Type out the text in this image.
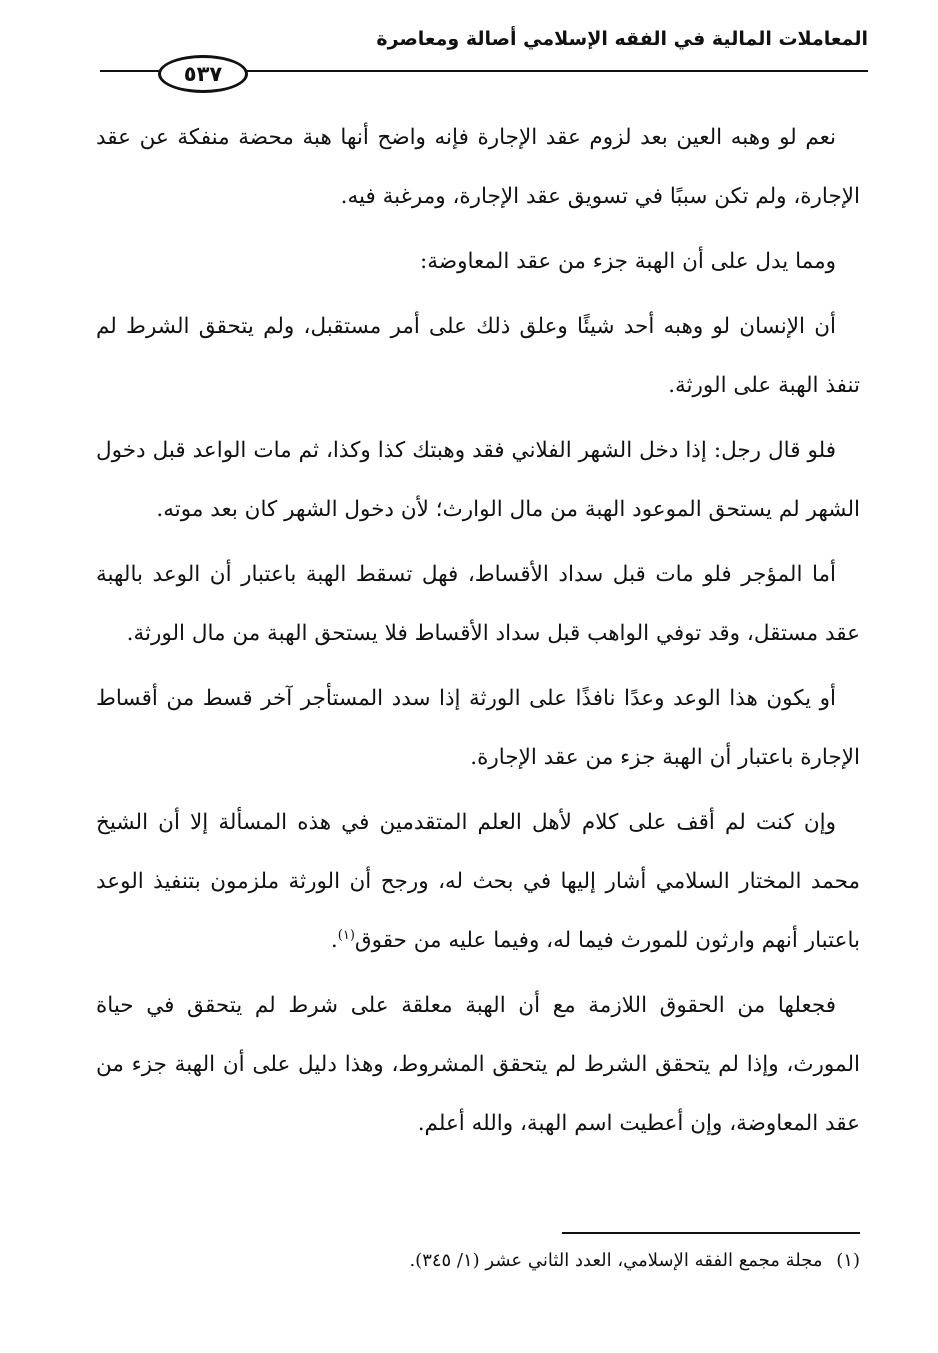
المعاملات المالية في الفقه الإسلامي أصالة ومعاصرة
٥٣٧

نعم لو وهبه العين بعد لزوم عقد الإجارة فإنه واضح أنها هبة محضة منفكة عن عقد الإجارة، ولم تكن سببًا في تسويق عقد الإجارة، ومرغبة فيه.

ومما يدل على أن الهبة جزء من عقد المعاوضة:

أن الإنسان لو وهبه أحد شيئًا وعلق ذلك على أمر مستقبل، ولم يتحقق الشرط لم تنفذ الهبة على الورثة.

فلو قال رجل: إذا دخل الشهر الفلاني فقد وهبتك كذا وكذا، ثم مات الواعد قبل دخول الشهر لم يستحق الموعود الهبة من مال الوارث؛ لأن دخول الشهر كان بعد موته.

أما المؤجر فلو مات قبل سداد الأقساط، فهل تسقط الهبة باعتبار أن الوعد بالهبة عقد مستقل، وقد توفي الواهب قبل سداد الأقساط فلا يستحق الهبة من مال الورثة.

أو يكون هذا الوعد وعدًا نافذًا على الورثة إذا سدد المستأجر آخر قسط من أقساط الإجارة باعتبار أن الهبة جزء من عقد الإجارة.

وإن كنت لم أقف على كلام لأهل العلم المتقدمين في هذه المسألة إلا أن الشيخ محمد المختار السلامي أشار إليها في بحث له، ورجح أن الورثة ملزمون بتنفيذ الوعد باعتبار أنهم وارثون للمورث فيما له، وفيما عليه من حقوق$^{(١)}$.

فجعلها من الحقوق اللازمة مع أن الهبة معلقة على شرط لم يتحقق في حياة المورث، وإذا لم يتحقق الشرط لم يتحقق المشروط، وهذا دليل على أن الهبة جزء من عقد المعاوضة، وإن أعطيت اسم الهبة، والله أعلم.

(١) مجلة مجمع الفقه الإسلامي، العدد الثاني عشر (١/ ٣٤٥).
